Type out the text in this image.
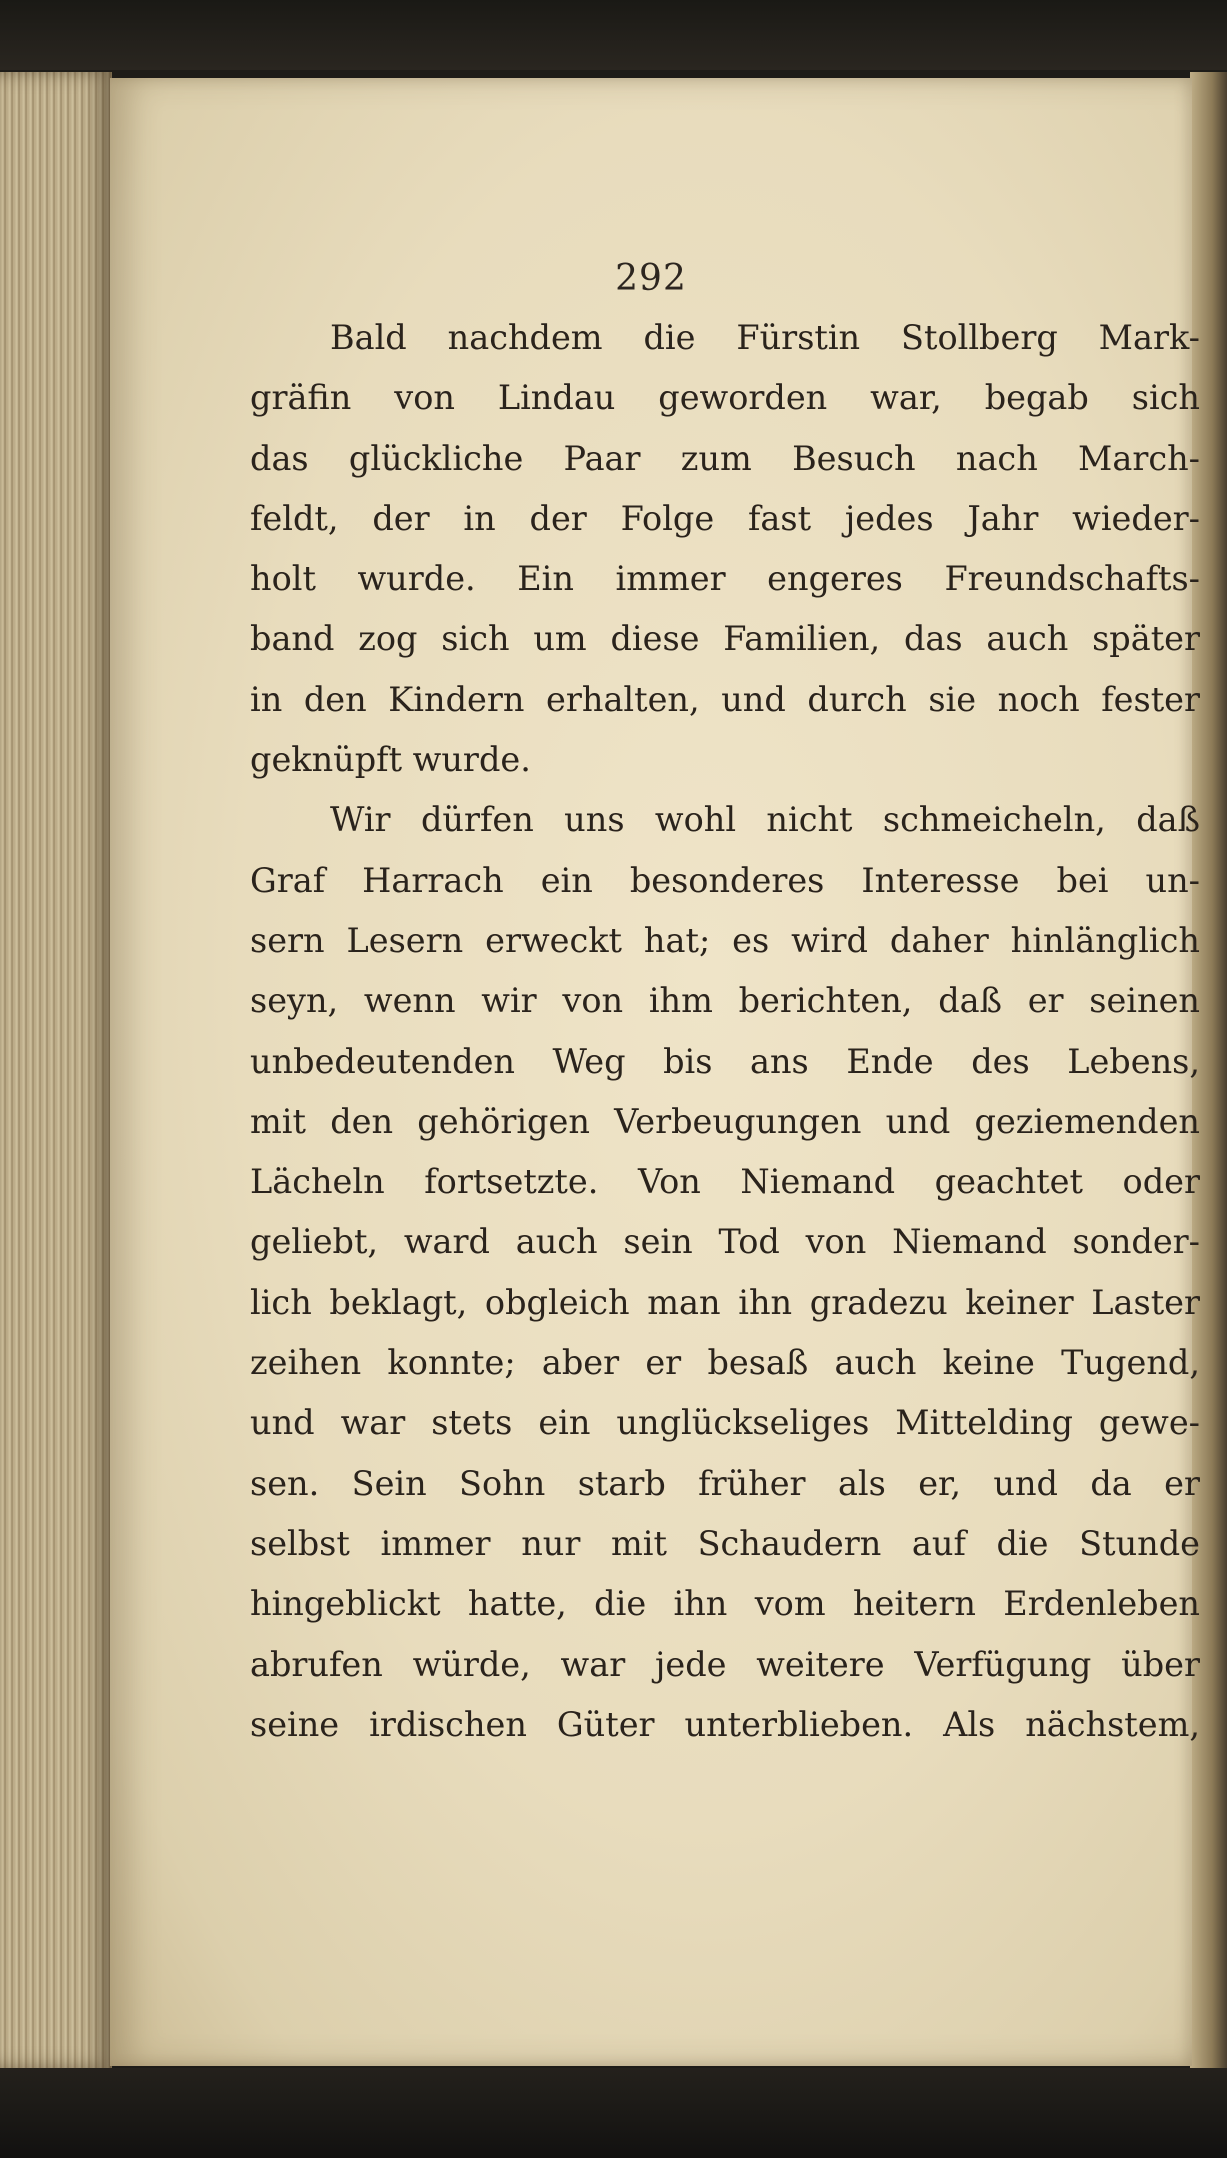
292
Bald nachdem die Fürstin Stollberg Mark-
gräfin von Lindau geworden war, begab sich
das glückliche Paar zum Besuch nach March-
feldt, der in der Folge fast jedes Jahr wieder-
holt wurde. Ein immer engeres Freundschafts-
band zog sich um diese Familien, das auch später
in den Kindern erhalten, und durch sie noch fester
geknüpft wurde.
Wir dürfen uns wohl nicht schmeicheln, daß
Graf Harrach ein besonderes Interesse bei un-
sern Lesern erweckt hat; es wird daher hinlänglich
seyn, wenn wir von ihm berichten, daß er seinen
unbedeutenden Weg bis ans Ende des Lebens,
mit den gehörigen Verbeugungen und geziemenden
Lächeln fortsetzte. Von Niemand geachtet oder
geliebt, ward auch sein Tod von Niemand sonder-
lich beklagt, obgleich man ihn gradezu keiner Laster
zeihen konnte; aber er besaß auch keine Tugend,
und war stets ein unglückseliges Mittelding gewe-
sen. Sein Sohn starb früher als er, und da er
selbst immer nur mit Schaudern auf die Stunde
hingeblickt hatte, die ihn vom heitern Erdenleben
abrufen würde, war jede weitere Verfügung über
seine irdischen Güter unterblieben. Als nächstem,
